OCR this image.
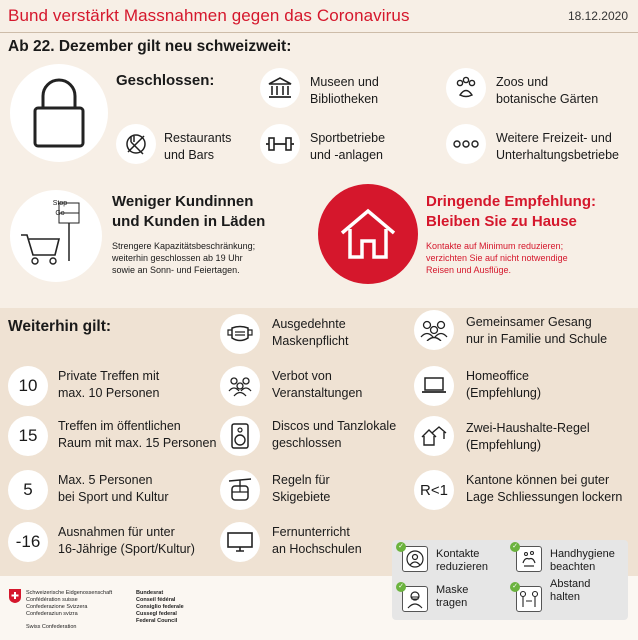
Bund verstärkt Massnahmen gegen das Coronavirus	18.12.2020
Ab 22. Dezember gilt neu schweizweit:
Geschlossen:	Museen und
Bibliotheken
Zoos und
botanische Gärten
Restaurants
und Bars
Sportbetriebe
und -anlagen
Weitere Freizeit- und
Unterhaltungsbetriebe
Stop
Go
Weniger Kundinnen
und Kunden in Läden
Strengere Kapazitätsbeschränkung;
weiterhin geschlossen ab 19 Uhr
sowie an Sonn- und Feiertagen.
Dringende Empfehlung:
Bleiben Sie zu Hause
Kontakte auf Minimum reduzieren;
verzichten Sie auf nicht notwendige
Reisen und Ausflüge.
Weiterhin gilt:
10	Private Treffen mit
max. 10 Personen
15	Treffen im öffentlichen
Raum mit max. 15 Personen
5	Max. 5 Personen
bei Sport und Kultur
-16	Ausnahmen für unter
16-Jährige (Sport/Kultur)
Ausgedehnte
Maskenpflicht
Verbot von
Veranstaltungen
Discos und Tanzlokale
geschlossen
Regeln für
Skigebiete
Fernunterricht
an Hochschulen
Gemeinsamer Gesang
nur in Familie und Schule
Homeoffice
(Empfehlung)
Zwei-Haushalte-Regel
(Empfehlung)
R<1
Kantone können bei guter
Lage Schliessungen lockern
Schweizerische Eidgenossenschaft
Confédération suisse
Confederazione Svizzera
Confederaziun svizra
Swiss Confederation
Bundesrat
Conseil fédéral
Consiglio federale
Cussegl federal
Federal Council
✓
Kontakte
reduzieren
✓
Handhygiene
beachten
✓	Maske
tragen
✓	Abstand
halten
